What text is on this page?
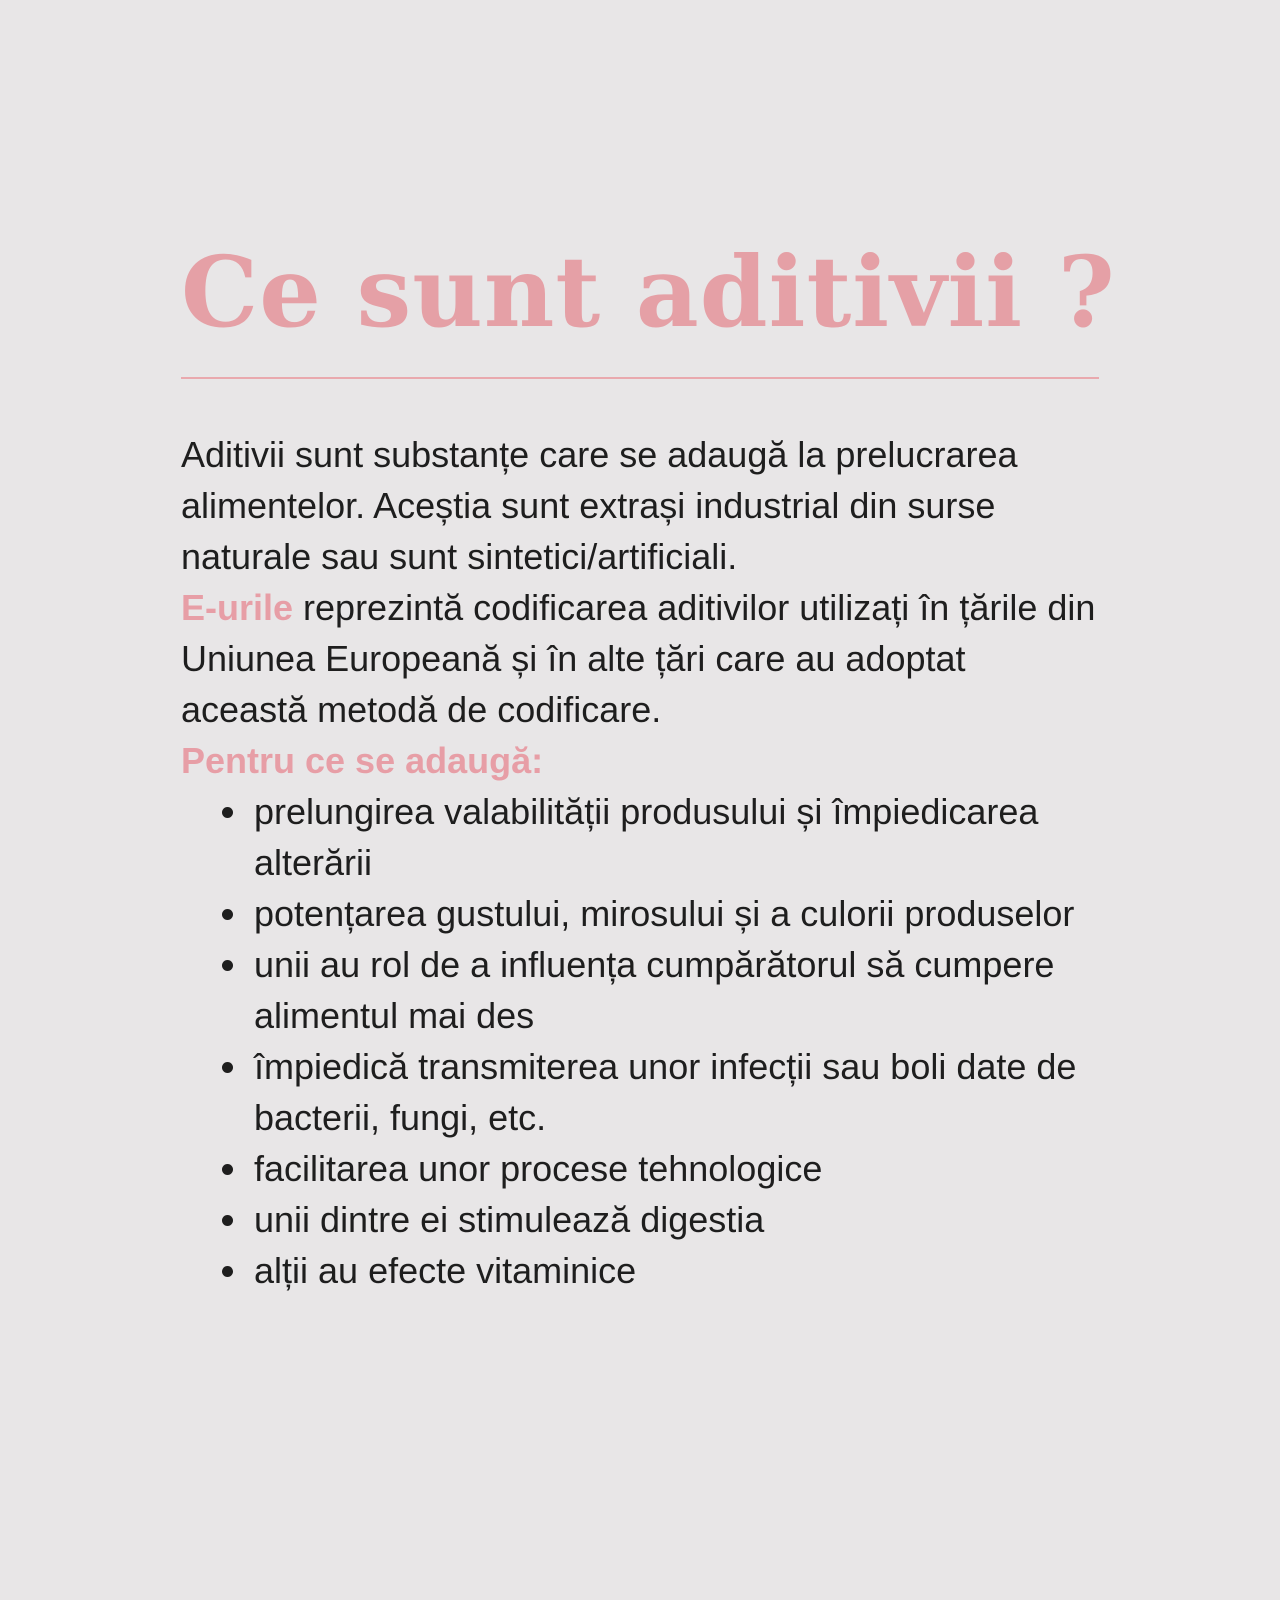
Ce sunt aditivii ?

Aditivii sunt substanțe care se adaugă la prelucrarea alimentelor. Aceștia sunt extrași industrial din surse naturale sau sunt sintetici/artificiali.

E-urile reprezintă codificarea aditivilor utilizați în țările din Uniunea Europeană și în alte țări care au adoptat această metodă de codificare.

Pentru ce se adaugă:

prelungirea valabilității produsului și împiedicarea alterării
potențarea gustului, mirosului și a culorii produselor
unii au rol de a influența cumpărătorul să cumpere alimentul mai des
împiedică transmiterea unor infecții sau boli date de bacterii, fungi, etc.
facilitarea unor procese tehnologice
unii dintre ei stimulează digestia
alții au efecte vitaminice
